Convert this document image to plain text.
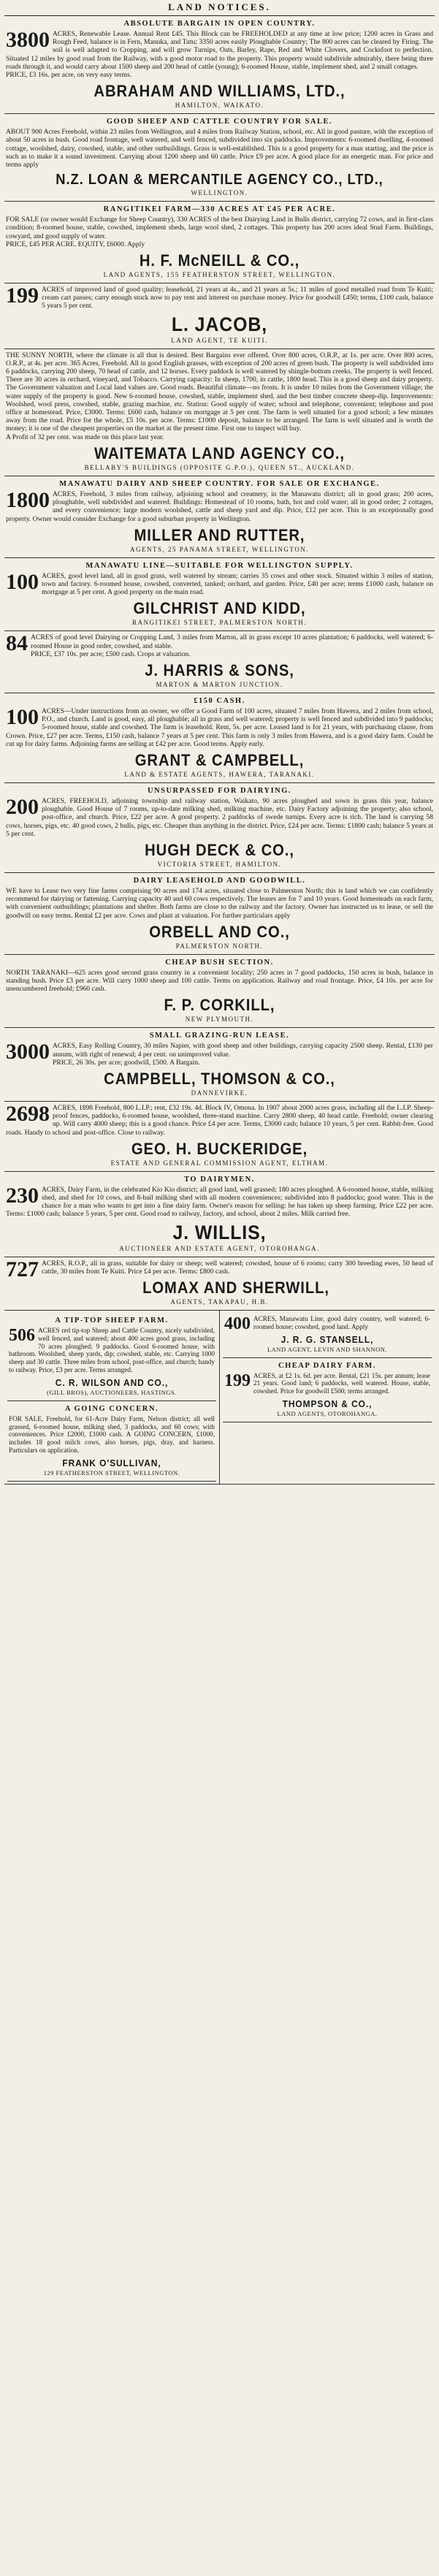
LAND NOTICES.
ABSOLUTE BARGAIN IN OPEN COUNTRY.

3800 ACRES, Renewable Lease. Annual Rent £45. This Block can be FREEHOLDED at any time at low price; 1200 acres in Grass and Rough Feed, balance is in Fern, Manuka, and Tutu; 3350 acres easily Ploughable Country; The 800 acres can be cleared by Firing. The soil is well adapted to Cropping, and will grow Turnips, Oats, Barley, Rape, Red and White Clovers, and Cocksfoot to perfection. Situated 12 miles by good road from the Railway, with a good motor road to the property. This property would subdivide admirably, there being three roads through it, and would carry about 1500 sheep and 200 head of cattle (young); 6-roomed House, stable, implement shed, and 2 small cottages.

PRICE, £3 16s. per acre, on very easy terms.

ABRAHAM AND WILLIAMS, LTD.,
HAMILTON, WAIKATO.
GOOD SHEEP AND CATTLE COUNTRY FOR SALE.

ABOUT 900 Acres Freehold, within 23 miles from Wellington, and 4 miles from Railway Station, school, etc. All in good pasture, with the exception of about 50 acres in bush. Good road frontage, well watered, and well fenced, subdivided into six paddocks. Improvements: 6-roomed dwelling, 4-roomed cottage, woolshed, dairy, cowshed, stable, and other outbuildings. Grass is well-established. This is a good property for a man starting, and the price is such as to make it a sound investment. Carrying about 1200 sheep and 60 cattle. Price £9 per acre. A good place for an energetic man. For price and terms apply

N.Z. LOAN & MERCANTILE AGENCY CO., LTD.,
WELLINGTON.
RANGITIKEI FARM—330 ACRES AT £45 PER ACRE.

FOR SALE (or owner would Exchange for Sheep Country), 330 ACRES of the best Dairying Land in Bulls district, carrying 72 cows, and in first-class condition; 8-roomed house, stable, cowshed, implement sheds, large wool shed, 2 cottages. This property has 200 acres ideal Stud Farm. Buildings, cowyard, and good supply of water.

PRICE, £45 PER ACRE. EQUITY, £6000. Apply

H. F. McNEILL & CO.,
LAND AGENTS, 155 FEATHERSTON STREET, WELLINGTON.

199 ACRES of improved land of good quality; leasehold, 21 years at 4s., and 21 years at 5s.; 11 miles of good metalled road from Te Kuiti; cream cart passes; carry enough stock now to pay rent and interest on purchase money. Price for goodwill £450; terms, £100 cash, balance 5 years 5 per cent.

L. JACOB,
LAND AGENT, TE KUITI.

THE SUNNY NORTH, where the climate is all that is desired. Best Bargains ever offered. Over 800 acres, O.R.P., at 1s. per acre. Over 800 acres, O.R.P., at 4s. per acre. 365 Acres, Freehold. All in good English grasses, with exception of 200 acres of green bush. The property is well subdivided into 6 paddocks, carrying 200 sheep, 70 head of cattle, and 12 horses. Every paddock is well watered by shingle-bottom creeks. The property is well fenced. There are 30 acres in orchard, vineyard, and Tobacco. Carrying capacity: In sheep, 1700, in cattle, 1800 head. This is a good sheep and dairy property. The Government valuation and Local land values are. Good roads. Beautiful climate—no frosts. It is under 10 miles from the Government village; the water supply of the property is good. New 6-roomed house, cowshed, stable, implement shed, and the best timber concrete sheep-dip. Improvements: Woolshed, wool press, cowshed, stable, grazing machine, etc. Station: Good supply of water; school and telephone, convenient; telephone and post office at homestead. Price, £3000. Terms: £600 cash, balance on mortgage at 5 per cent. The farm is well situated for a good school; a few minutes away from the road. Price for the whole, £5 10s. per acre. Terms: £1000 deposit, balance to be arranged. The farm is well situated and is worth the money; it is one of the cheapest properties on the market at the present time. First one to inspect will buy.

A Profit of 32 per cent. was made on this place last year.

WAITEMATA LAND AGENCY CO.,
BELLABY'S BUILDINGS (OPPOSITE G.P.O.), QUEEN ST., AUCKLAND.
MANAWATU DAIRY AND SHEEP COUNTRY. FOR SALE OR EXCHANGE.

1800 ACRES, Freehold, 3 miles from railway, adjoining school and creamery, in the Manawatu district; all in good grass; 200 acres, ploughable, well subdivided and watered. Buildings: Homestead of 10 rooms, bath, hot and cold water; all in good order; 2 cottages, and every convenience; large modern woolshed, cattle and sheep yard and dip. Price, £12 per acre. This is an exceptionally good property. Owner would consider Exchange for a good suburban property in Wellington.

MILLER AND RUTTER,
AGENTS, 25 PANAMA STREET, WELLINGTON.
MANAWATU LINE—SUITABLE FOR WELLINGTON SUPPLY.

100 ACRES, good level land, all in good grass, well watered by stream; carries 35 cows and other stock. Situated within 3 miles of station, town and factory. 6-roomed house, cowshed, converted, tanked; orchard, and garden. Price, £40 per acre; terms £1000 cash, balance on mortgage at 5 per cent. A good property on the main road.

GILCHRIST AND KIDD,
RANGITIKEI STREET, PALMERSTON NORTH.

84 ACRES of good level Dairying or Cropping Land, 3 miles from Marton, all in grass except 10 acres plantation; 6 paddocks, well watered; 6-roomed House in good order, cowshed, and stable.

PRICE, £37 10s. per acre; £500 cash. Crops at valuation.

J. HARRIS & SONS,
MARTON & MARTON JUNCTION.
£150 CASH.

100 ACRES—Under instructions from an owner, we offer a Good Farm of 100 acres, situated 7 miles from Hawera, and 2 miles from school, P.O., and church. Land is good, easy, all ploughable; all in grass and well watered; property is well fenced and subdivided into 9 paddocks; 5-roomed house, stable and cowshed. The farm is leasehold. Rent, 5s. per acre. Leased land is for 21 years, with purchasing clause, from Crown. Price, £27 per acre. Terms, £150 cash, balance 7 years at 5 per cent. This farm is only 3 miles from Hawera, and is a good dairy farm. Could be cut up for dairy farms. Adjoining farms are selling at £42 per acre. Good terms. Apply early.

GRANT & CAMPBELL,
LAND & ESTATE AGENTS, HAWERA, TARANAKI.
UNSURPASSED FOR DAIRYING.

200 ACRES, FREEHOLD, adjoining township and railway station, Waikato, 90 acres ploughed and sown in grass this year, balance ploughable. Good House of 7 rooms, up-to-date milking shed, milking machine, etc. Dairy Factory adjoining the property; also school, post-office, and church. Price, £22 per acre. A good property. 2 paddocks of swede turnips. Every acre is rich. The land is carrying 58 cows, horses, pigs, etc. 40 good cows, 2 bulls, pigs, etc. Cheaper than anything in the district. Price, £24 per acre. Terms: £1800 cash; balance 5 years at 5 per cent.

HUGH DECK & CO.,
VICTORIA STREET, HAMILTON.
DAIRY LEASEHOLD AND GOODWILL.

WE have to Lease two very fine farms comprising 90 acres and 174 acres, situated close to Palmerston North; this is land which we can confidently recommend for dairying or fattening. Carrying capacity 40 and 60 cows respectively. The leases are for 7 and 10 years. Good homesteads on each farm, with convenient outbuildings; plantations and shelter. Both farms are close to the railway and the factory. Owner has instructed us to lease, or sell the goodwill on easy terms. Rental £2 per acre. Cows and plant at valuation. For further particulars apply

ORBELL AND CO.,
PALMERSTON NORTH.
CHEAP BUSH SECTION.

NORTH TARANAKI—625 acres good second grass country in a convenient locality; 250 acres in 7 good paddocks, 150 acres in bush, balance in standing bush. Price £3 per acre. Will carry 1000 sheep and 100 cattle. Terms on application. Railway and road frontage. Price, £4 10s. per acre for unencumbered freehold; £960 cash.

F. P. CORKILL,
NEW PLYMOUTH.
SMALL GRAZING-RUN LEASE.

3000 ACRES, Easy Rolling Country, 30 miles Napier, with good sheep and other buildings, carrying capacity 2500 sheep. Rental, £130 per annum, with right of renewal; 4 per cent. on unimproved value.

PRICE, 26 30s. per acre; goodwill, £500. A Bargain.

CAMPBELL, THOMSON & CO.,
DANNEVIRKE.

2698 ACRES, 1898 Freehold, 800 L.I.P.; rent, £32 19s. 4d. Block IV, Omona. In 1907 about 2000 acres grass, including all the L.I.P. Sheep-proof fences, paddocks, 6-roomed house, woolshed, three-stand machine. Carry 2800 sheep, 40 head cattle. Freehold; owner clearing up. Will carry 4000 sheep; this is a good chance. Price £4 per acre. Terms, £3000 cash; balance 10 years, 5 per cent. Rabbit-free. Good roads. Handy to school and post-office. Close to railway.

GEO. H. BUCKERIDGE,
ESTATE AND GENERAL COMMISSION AGENT, ELTHAM.
TO DAIRYMEN.

230 ACRES, Dairy Farm, in the celebrated Kio Kio district; all good land, well grassed; 180 acres ploughed. A 6-roomed house, stable, milking shed, and shed for 10 cows, and 8-bail milking shed with all modern conveniences; subdivided into 8 paddocks; good water. This is the chance for a man who wants to get into a fine dairy farm. Owner's reason for selling: he has taken up sheep farming. Price £22 per acre. Terms: £1000 cash; balance 5 years, 5 per cent. Good road to railway, factory, and school, about 2 miles. Milk carried free.

J. WILLIS,
AUCTIONEER AND ESTATE AGENT, OTOROHANGA.

727 ACRES, R.O.P., all in grass, suitable for dairy or sheep; well watered; cowshed, house of 6 rooms; carry 300 breeding ewes, 50 head of cattle, 30 miles from Te Kuiti. Price £4 per acre. Terms: £800 cash.

LOMAX AND SHERWILL,
AGENTS, TAKAPAU, H.B.
A TIP-TOP SHEEP FARM.

506 ACRES red tip-top Sheep and Cattle Country, nicely subdivided, well fenced, and watered; about 400 acres good grass, including 70 acres ploughed; 9 paddocks. Good 6-roomed house, with bathroom. Woolshed, sheep yards, dip; cowshed, stable, etc. Carrying 1000 sheep and 30 cattle. Three miles from school, post-office, and church; handy to railway. Price, £3 per acre. Terms arranged.

C. R. WILSON AND CO.,
(GILL BROS), AUCTIONEERS, HASTINGS.
A GOING CONCERN.

FOR SALE, Freehold, for 61-Acre Dairy Farm, Nelson district; all well grassed, 6-roomed house, milking shed, 3 paddocks, and 60 cows; with conveniences. Price £2000, £1000 cash. A GOING CONCERN, £1000, includes 18 good milch cows, also horses, pigs, dray, and harness. Particulars on application.

FRANK O'SULLIVAN,
129 FEATHERSTON STREET, WELLINGTON.

400 ACRES, Manawatu Line, good dairy country, well watered; 6-roomed house; cowshed, good land. Apply

J. R. G. STANSELL,
LAND AGENT, LEVIN AND SHANNON.
CHEAP DAIRY FARM.

199 ACRES, at £2 1s. 6d. per acre. Rental, £21 15s. per annum; lease 21 years. Good land; 6 paddocks, well watered. House, stable, cowshed. Price for goodwill £500; terms arranged.

THOMPSON & CO.,
LAND AGENTS, OTOROHANGA.
